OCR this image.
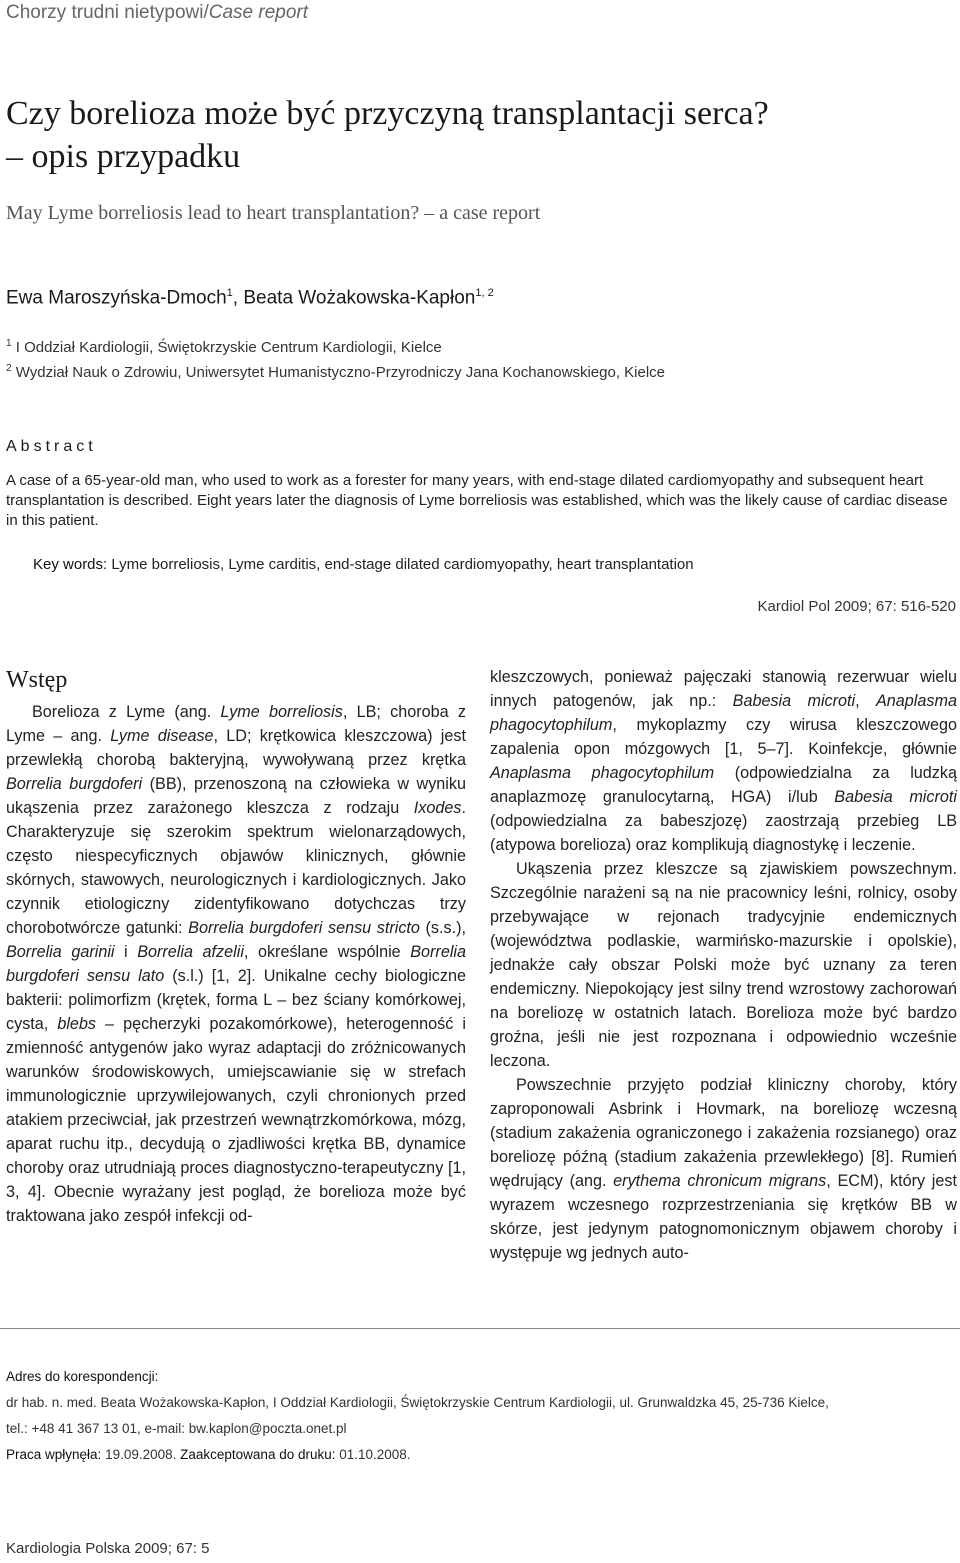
Chorzy trudni nietypowi/Case report
Czy borelioza może być przyczyną transplantacji serca?
– opis przypadku
May Lyme borreliosis lead to heart transplantation? – a case report
Ewa Maroszyńska-Dmoch$^1$, Beata Wożakowska-Kapłon$^{1, 2}$
$^1$ I Oddział Kardiologii, Świętokrzyskie Centrum Kardiologii, Kielce
$^2$ Wydział Nauk o Zdrowiu, Uniwersytet Humanistyczno-Przyrodniczy Jana Kochanowskiego, Kielce
Abstract
A case of a 65-year-old man, who used to work as a forester for many years, with end-stage dilated cardiomyopathy and subsequent heart transplantation is described. Eight years later the diagnosis of Lyme borreliosis was established, which was the likely cause of cardiac disease in this patient.
Key words: Lyme borreliosis, Lyme carditis, end-stage dilated cardiomyopathy, heart transplantation
Kardiol Pol 2009; 67: 516-520
Wstęp

Borelioza z Lyme (ang. Lyme borreliosis, LB; choroba z Lyme – ang. Lyme disease, LD; krętkowica kleszczowa) jest przewlekłą chorobą bakteryjną, wywoływaną przez krętka Borrelia burgdoferi (BB), przenoszoną na człowieka w wyniku ukąszenia przez zarażonego kleszcza z rodzaju Ixodes. Charakteryzuje się szerokim spektrum wielonarządowych, często niespecyficznych objawów klinicznych, głównie skórnych, stawowych, neurologicznych i kardiologicznych. Jako czynnik etiologiczny zidentyfikowano dotychczas trzy chorobotwórcze gatunki: Borrelia burgdoferi sensu stricto (s.s.), Borrelia garinii i Borrelia afzelii, określane wspólnie Borrelia burgdoferi sensu lato (s.l.) [1, 2]. Unikalne cechy biologiczne bakterii: polimorfizm (krętek, forma L – bez ściany komórkowej, cysta, blebs – pęcherzyki pozakomórkowe), heterogenność i zmienność antygenów jako wyraz adaptacji do zróżnicowanych warunków środowiskowych, umiejscawianie się w strefach immunologicznie uprzywilejowanych, czyli chronionych przed atakiem przeciwciał, jak przestrzeń wewnątrzkomórkowa, mózg, aparat ruchu itp., decydują o zjadliwości krętka BB, dynamice choroby oraz utrudniają proces diagnostyczno-terapeutyczny [1, 3, 4]. Obecnie wyrażany jest pogląd, że borelioza może być traktowana jako zespół infekcji od-

kleszczowych, ponieważ pajęczaki stanowią rezerwuar wielu innych patogenów, jak np.: Babesia microti, Anaplasma phagocytophilum, mykoplazmy czy wirusa kleszczowego zapalenia opon mózgowych [1, 5–7]. Koinfekcje, głównie Anaplasma phagocytophilum (odpowiedzialna za ludzką anaplazmozę granulocytarną, HGA) i/lub Babesia microti (odpowiedzialna za babeszjozę) zaostrzają przebieg LB (atypowa borelioza) oraz komplikują diagnostykę i leczenie.

Ukąszenia przez kleszcze są zjawiskiem powszechnym. Szczególnie narażeni są na nie pracownicy leśni, rolnicy, osoby przebywające w rejonach tradycyjnie endemicznych (województwa podlaskie, warmińsko-mazurskie i opolskie), jednakże cały obszar Polski może być uznany za teren endemiczny. Niepokojący jest silny trend wzrostowy zachorowań na boreliozę w ostatnich latach. Borelioza może być bardzo groźna, jeśli nie jest rozpoznana i odpowiednio wcześnie leczona.

Powszechnie przyjęto podział kliniczny choroby, który zaproponowali Asbrink i Hovmark, na boreliozę wczesną (stadium zakażenia ograniczonego i zakażenia rozsianego) oraz boreliozę późną (stadium zakażenia przewlekłego) [8]. Rumień wędrujący (ang. erythema chronicum migrans, ECM), który jest wyrazem wczesnego rozprzestrzeniania się krętków BB w skórze, jest jedynym patognomonicznym objawem choroby i występuje wg jednych auto-

Adres do korespondencji:
dr hab. n. med. Beata Wożakowska-Kapłon, I Oddział Kardiologii, Świętokrzyskie Centrum Kardiologii, ul. Grunwaldzka 45, 25-736 Kielce,
tel.: +48 41 367 13 01, e-mail: bw.kaplon@poczta.onet.pl
Praca wpłynęła: 19.09.2008. Zaakceptowana do druku: 01.10.2008.
Kardiologia Polska 2009; 67: 5
